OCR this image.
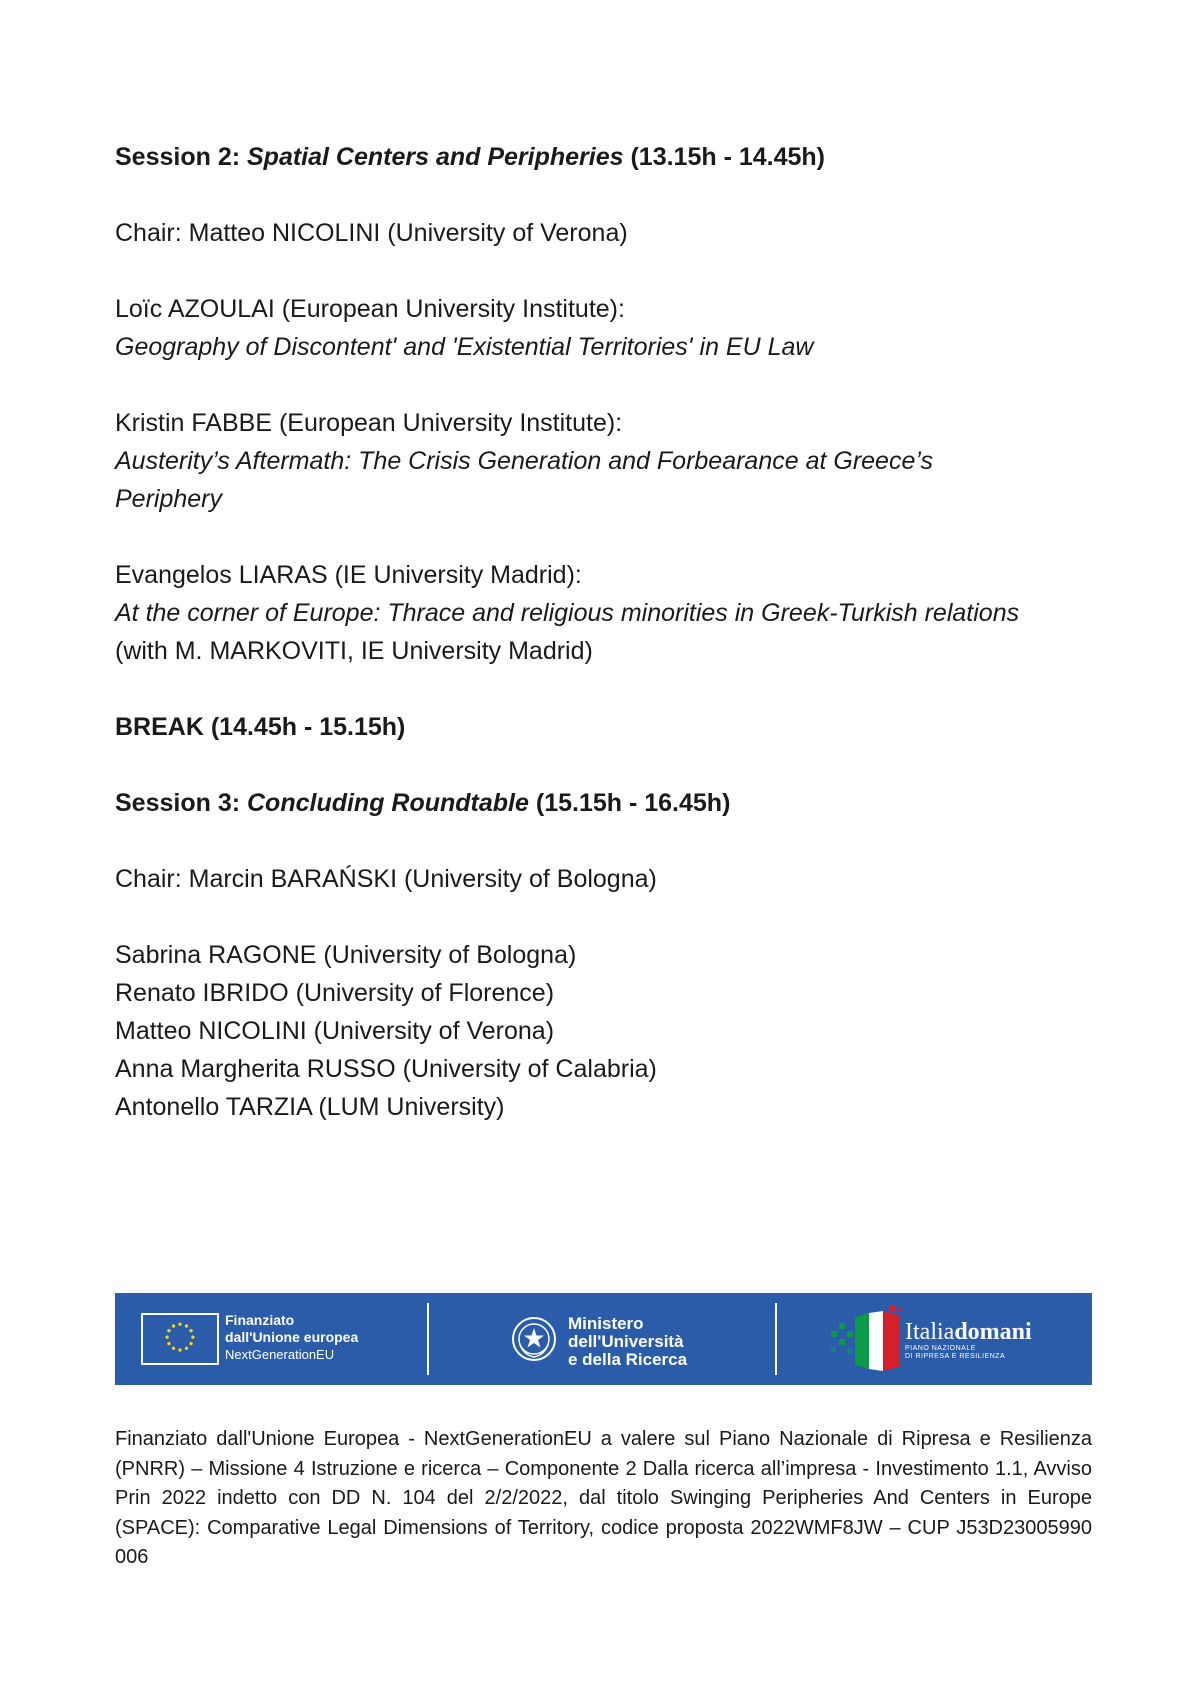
Session 2: Spatial Centers and Peripheries (13.15h - 14.45h)

Chair: Matteo NICOLINI (University of Verona)

Loïc AZOULAI (European University Institute):

Geography of Discontent' and 'Existential Territories' in EU Law

Kristin FABBE (European University Institute):

Austerity’s Aftermath: The Crisis Generation and Forbearance at Greece’s

Periphery

Evangelos LIARAS (IE University Madrid):

At the corner of Europe: Thrace and religious minorities in Greek-Turkish relations

(with M. MARKOVITI, IE University Madrid)

BREAK (14.45h - 15.15h)

Session 3: Concluding Roundtable (15.15h - 16.45h)

Chair: Marcin BARAŃSKI (University of Bologna)

Sabrina RAGONE (University of Bologna)

Renato IBRIDO (University of Florence)

Matteo NICOLINI (University of Verona)

Anna Margherita RUSSO (University of Calabria)

Antonello TARZIA (LUM University)

Finanziato
dall'Unione europea
NextGenerationEU
Ministero
dell'Università
e della Ricerca
Italiadomani
PIANO NAZIONALE
DI RIPRESA E RESILIENZA
Finanziato dall'Unione Europea - NextGenerationEU a valere sul Piano Nazionale di Ripresa e Resilienza (PNRR) – Missione 4 Istruzione e ricerca – Componente 2 Dalla ricerca all’impresa - Investimento 1.1, Avviso Prin 2022 indetto con DD N. 104 del 2/2/2022, dal titolo Swinging Peripheries And Centers in Europe (SPACE): Comparative Legal Dimensions of Territory, codice proposta 2022WMF8JW – CUP J53D23005990 006
